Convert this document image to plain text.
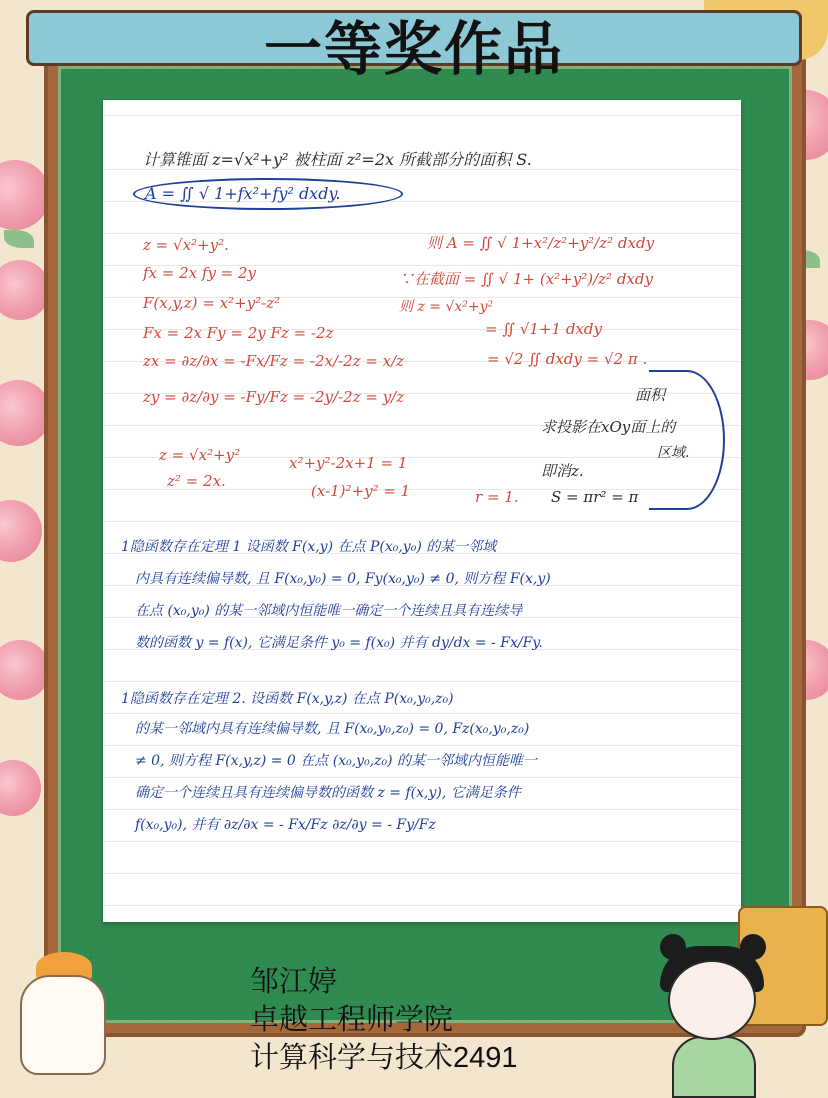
一等奖作品
计算锥面 z=√x²+y² 被柱面 z²=2x 所截部分的面积 S.
A = ∬ √ 1+fx²+fy² dxdy.
z = √x²+y².
fx = 2x fy = 2y
F(x,y,z) = x²+y²-z²
Fx = 2x Fy = 2y Fz = -2z
zx = ∂z/∂x = -Fx/Fz = -2x/-2z = x/z
zy = ∂z/∂y = -Fy/Fz = -2y/-2z = y/z
z = √x²+y²
z² = 2x.
x²+y²-2x+1 = 1
(x-1)²+y² = 1	r = 1.
则 A = ∬ √ 1+x²/z²+y²/z² dxdy
∵在截面 = ∬ √ 1+ (x²+y²)/z² dxdy
则 z = √x²+y²
= ∬ √1+1 dxdy
= √2 ∬ dxdy = √2 π .
面积
求投影在xOy面上的
区域.
即消z.
S = πr² = π
1隐函数存在定理 1 设函数 F(x,y) 在点 P(x₀,y₀) 的某一邻域
内具有连续偏导数, 且 F(x₀,y₀) = 0, Fy(x₀,y₀) ≠ 0, 则方程 F(x,y)
在点 (x₀,y₀) 的某一邻域内恒能唯一确定一个连续且具有连续导
数的函数 y = f(x), 它满足条件 y₀ = f(x₀) 并有 dy/dx = - Fx/Fy.
1隐函数存在定理 2. 设函数 F(x,y,z) 在点 P(x₀,y₀,z₀)
的某一邻域内具有连续偏导数, 且 F(x₀,y₀,z₀) = 0, Fz(x₀,y₀,z₀)
≠ 0, 则方程 F(x,y,z) = 0 在点 (x₀,y₀,z₀) 的某一邻域内恒能唯一
确定一个连续且具有连续偏导数的函数 z = f(x,y), 它满足条件
f(x₀,y₀), 并有 ∂z/∂x = - Fx/Fz ∂z/∂y = - Fy/Fz
邹江婷
卓越工程师学院
计算科学与技术2491
